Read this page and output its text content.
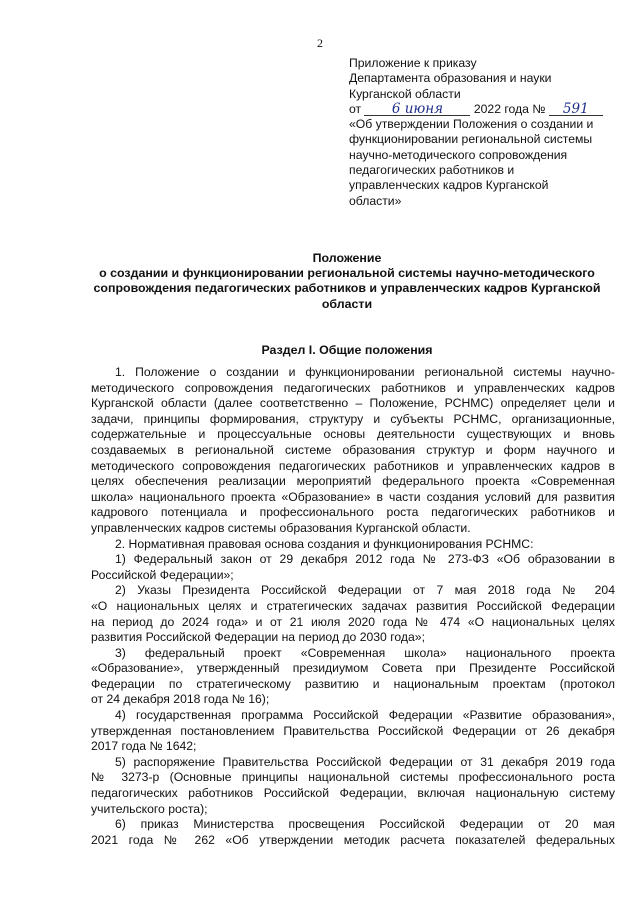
2
Приложение к приказу
Департамента образования и науки
Курганской области
от 6 июня	2022 года № 591
«Об утверждении Положения о создании и
функционировании региональной системы
научно-методического сопровождения
педагогических работников и
управленческих кадров Курганской
области»
Положение
о создании и функционировании региональной системы научно-методического
сопровождения педагогических работников и управленческих кадров Курганской
области
Раздел I. Общие положения
1. Положение о создании и функционировании региональной системы научно-
методического сопровождения педагогических работников и управленческих кадров
Курганской области (далее соответственно – Положение, РСНМС) определяет цели и
задачи, принципы формирования, структуру и субъекты РСНМС, организационные,
содержательные и процессуальные основы деятельности существующих и вновь
создаваемых в региональной системе образования структур и форм научного и
методического сопровождения педагогических работников и управленческих кадров в
целях обеспечения реализации мероприятий федерального проекта «Современная
школа» национального проекта «Образование» в части создания условий для развития
кадрового потенциала и профессионального роста педагогических работников и
управленческих кадров системы образования Курганской области.
2. Нормативная правовая основа создания и функционирования РСНМС:
1) Федеральный закон от 29 декабря 2012 года № 273-ФЗ «Об образовании в
Российской Федерации»;
2) Указы Президента Российской Федерации от 7 мая 2018 года № 204
«О национальных целях и стратегических задачах развития Российской Федерации
на период до 2024 года» и от 21 июля 2020 года № 474 «О национальных целях
развития Российской Федерации на период до 2030 года»;
3) федеральный проект «Современная школа» национального проекта
«Образование», утвержденный президиумом Совета при Президенте Российской
Федерации по стратегическому развитию и национальным проектам (протокол
от 24 декабря 2018 года № 16);
4) государственная программа Российской Федерации «Развитие образования»,
утвержденная постановлением Правительства Российской Федерации от 26 декабря
2017 года № 1642;
5) распоряжение Правительства Российской Федерации от 31 декабря 2019 года
№ 3273-р (Основные принципы национальной системы профессионального роста
педагогических работников Российской Федерации, включая национальную систему
учительского роста);
6) приказ Министерства просвещения Российской Федерации от 20 мая
2021 года № 262 «Об утверждении методик расчета показателей федеральных
